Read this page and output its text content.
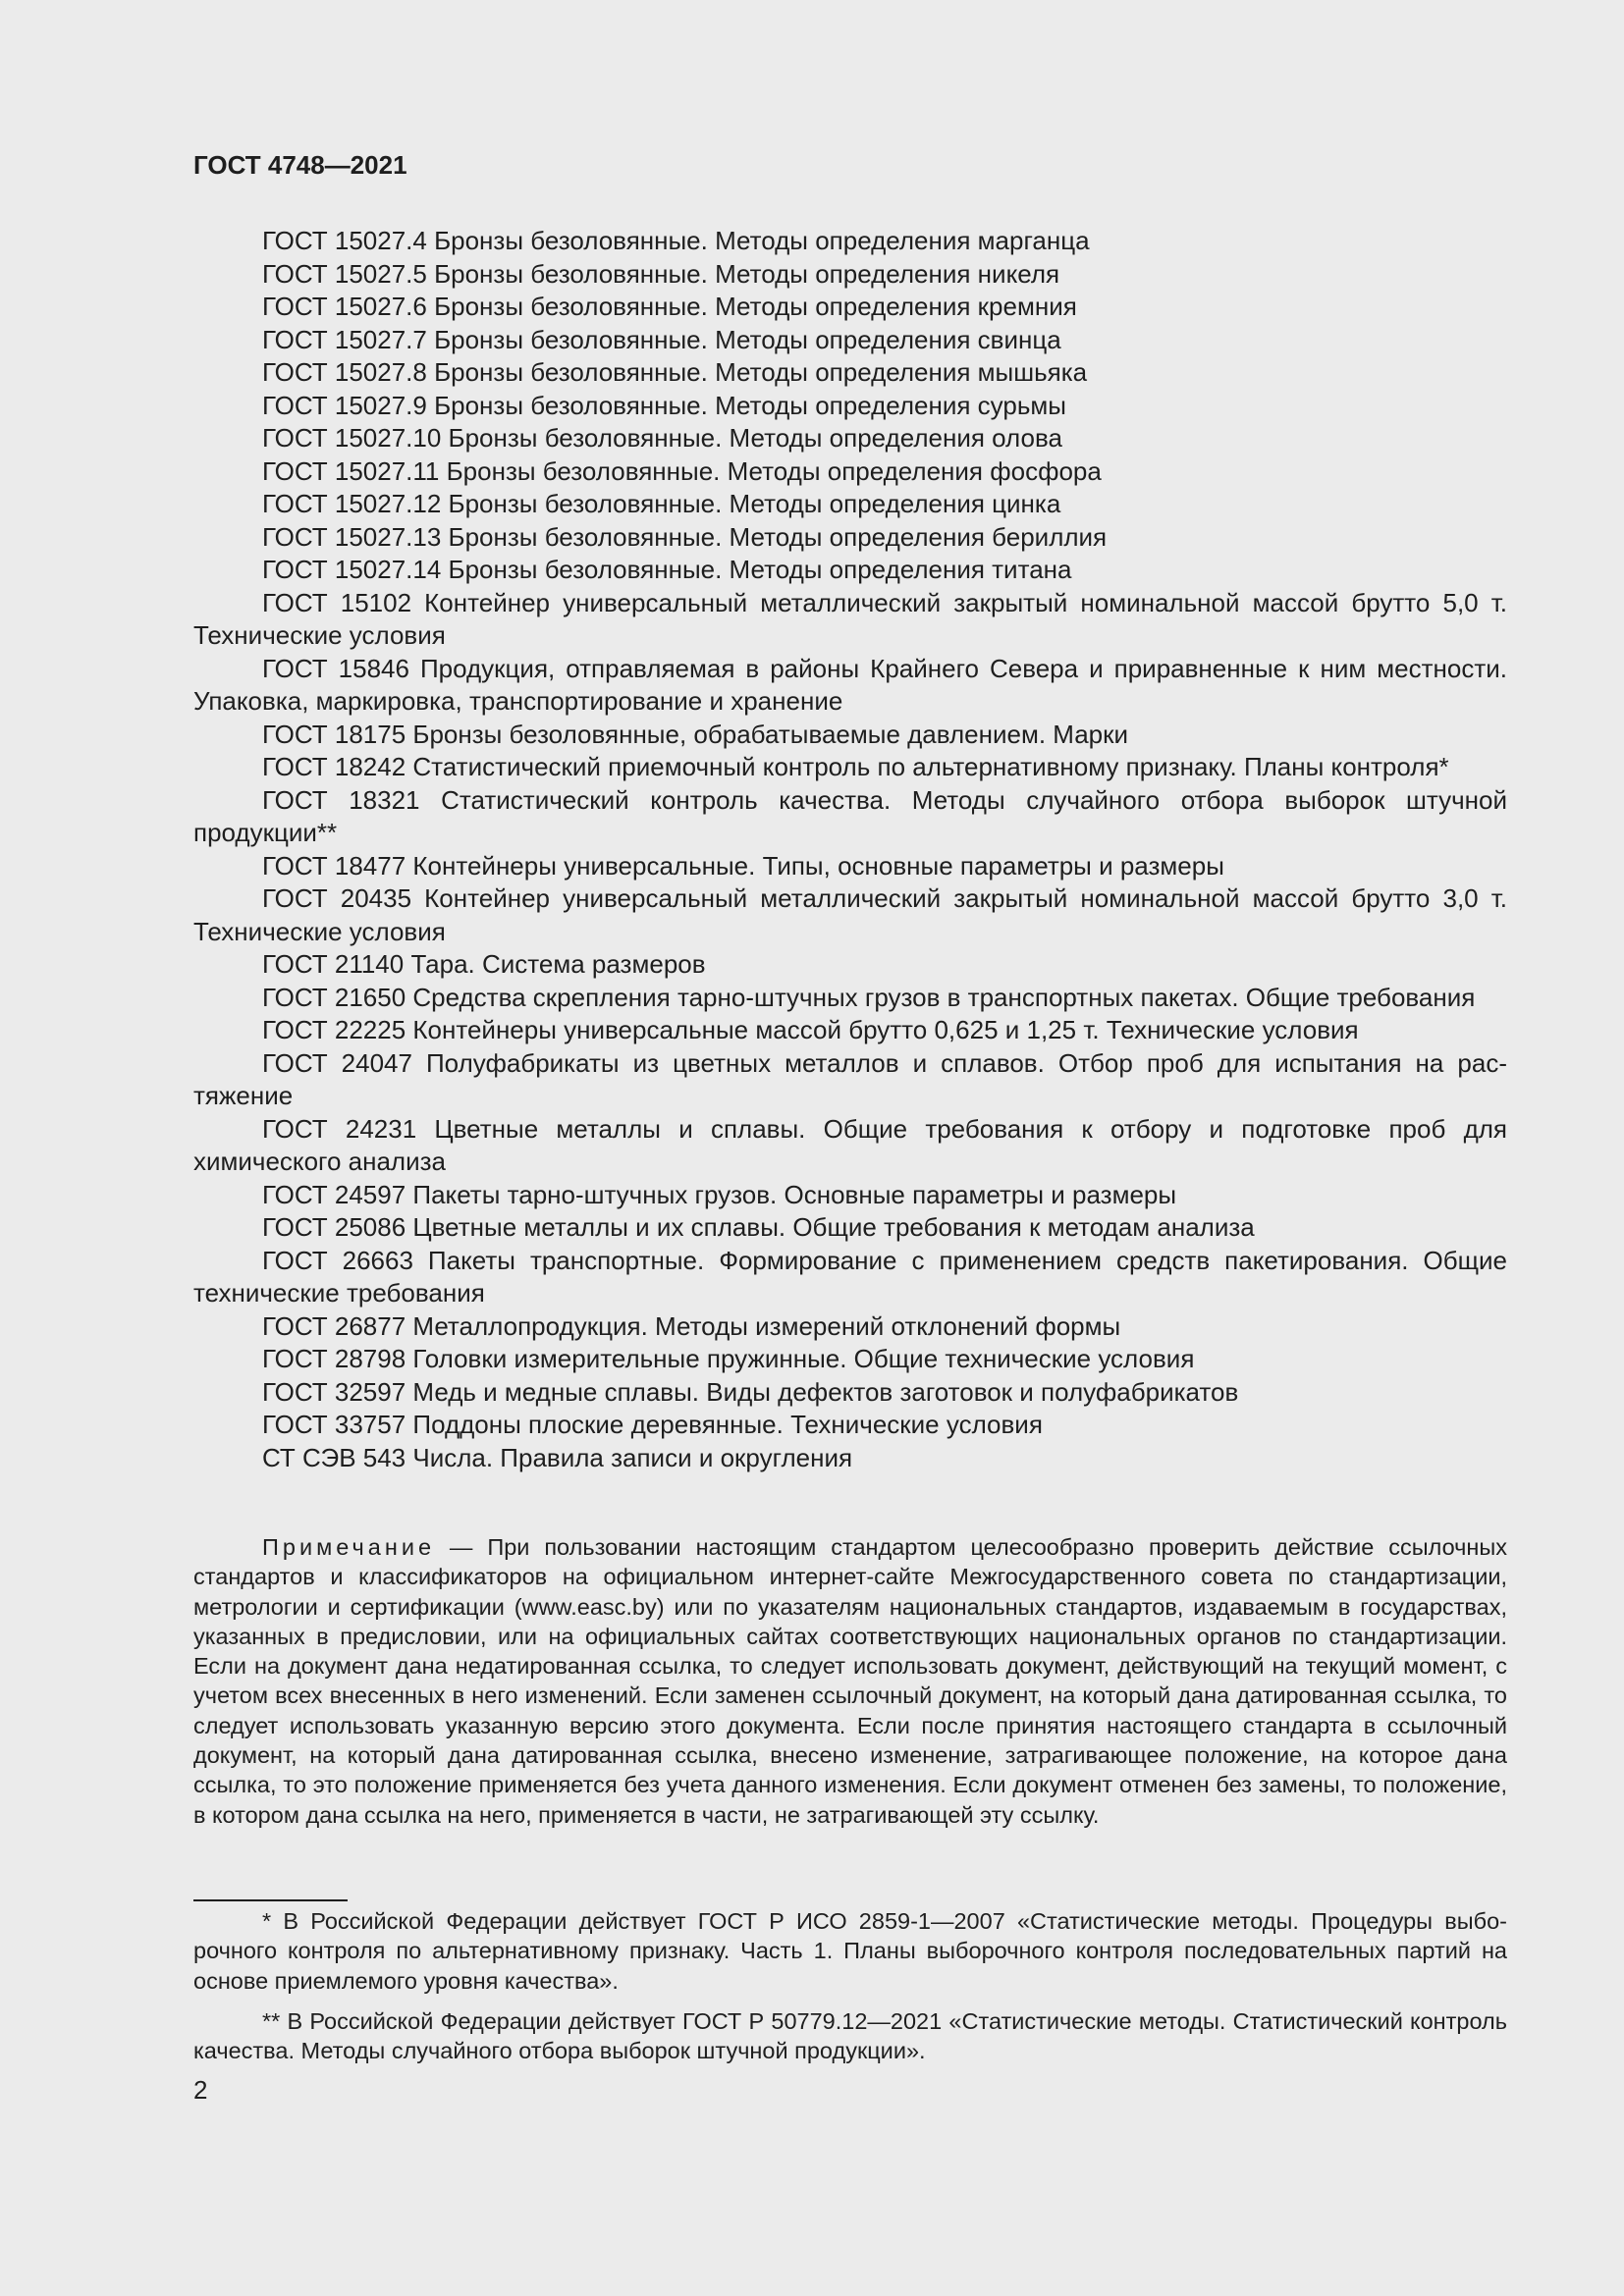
ГОСТ 4748—2021

ГОСТ 15027.4 Бронзы безоловянные. Методы определения марганца

ГОСТ 15027.5 Бронзы безоловянные. Методы определения никеля

ГОСТ 15027.6 Бронзы безоловянные. Методы определения кремния

ГОСТ 15027.7 Бронзы безоловянные. Методы определения свинца

ГОСТ 15027.8 Бронзы безоловянные. Методы определения мышьяка

ГОСТ 15027.9 Бронзы безоловянные. Методы определения сурьмы

ГОСТ 15027.10 Бронзы безоловянные. Методы определения олова

ГОСТ 15027.11 Бронзы безоловянные. Методы определения фосфора

ГОСТ 15027.12 Бронзы безоловянные. Методы определения цинка

ГОСТ 15027.13 Бронзы безоловянные. Методы определения бериллия

ГОСТ 15027.14 Бронзы безоловянные. Методы определения титана

ГОСТ 15102 Контейнер универсальный металлический закрытый номинальной массой брутто 5,0 т. Технические условия

ГОСТ 15846 Продукция, отправляемая в районы Крайнего Севера и приравненные к ним местности. Упаковка, маркировка, транспортирование и хранение

ГОСТ 18175 Бронзы безоловянные, обрабатываемые давлением. Марки

ГОСТ 18242 Статистический приемочный контроль по альтернативному признаку. Планы контроля*

ГОСТ 18321 Статистический контроль качества. Методы случайного отбора выборок штучной продукции**

ГОСТ 18477 Контейнеры универсальные. Типы, основные параметры и размеры

ГОСТ 20435 Контейнер универсальный металлический закрытый номинальной массой брутто 3,0 т. Технические условия

ГОСТ 21140 Тара. Система размеров

ГОСТ 21650 Средства скрепления тарно-штучных грузов в транспортных пакетах. Общие требования

ГОСТ 22225 Контейнеры универсальные массой брутто 0,625 и 1,25 т. Технические условия

ГОСТ 24047 Полуфабрикаты из цветных металлов и сплавов. Отбор проб для испытания на растяжение

ГОСТ 24231 Цветные металлы и сплавы. Общие требования к отбору и подготовке проб для химического анализа

ГОСТ 24597 Пакеты тарно-штучных грузов. Основные параметры и размеры

ГОСТ 25086 Цветные металлы и их сплавы. Общие требования к методам анализа

ГОСТ 26663 Пакеты транспортные. Формирование с применением средств пакетирования. Общие технические требования

ГОСТ 26877 Металлопродукция. Методы измерений отклонений формы

ГОСТ 28798 Головки измерительные пружинные. Общие технические условия

ГОСТ 32597 Медь и медные сплавы. Виды дефектов заготовок и полуфабрикатов

ГОСТ 33757 Поддоны плоские деревянные. Технические условия

СТ СЭВ 543 Числа. Правила записи и округления

Примечание — При пользовании настоящим стандартом целесообразно проверить действие ссылочных стандартов и классификаторов на официальном интернет-сайте Межгосударственного совета по стандартизации, метрологии и сертификации (www.easc.by) или по указателям национальных стандартов, издаваемым в государствах, указанных в предисловии, или на официальных сайтах соответствующих национальных органов по стандартизации. Если на документ дана недатированная ссылка, то следует использовать документ, действующий на текущий момент, с учетом всех внесенных в него изменений. Если заменен ссылочный документ, на который дана датированная ссылка, то следует использовать указанную версию этого документа. Если после принятия настоящего стандарта в ссылочный документ, на который дана датированная ссылка, внесено изменение, затрагивающее положение, на которое дана ссылка, то это положение применяется без учета данного изменения. Если документ отменен без замены, то положение, в котором дана ссылка на него, применяется в части, не затрагивающей эту ссылку.

* В Российской Федерации действует ГОСТ Р ИСО 2859-1—2007 «Статистические методы. Процедуры выборочного контроля по альтернативному признаку. Часть 1. Планы выборочного контроля последовательных партий на основе приемлемого уровня качества».

** В Российской Федерации действует ГОСТ Р 50779.12—2021 «Статистические методы. Статистический контроль качества. Методы случайного отбора выборок штучной продукции».

2
